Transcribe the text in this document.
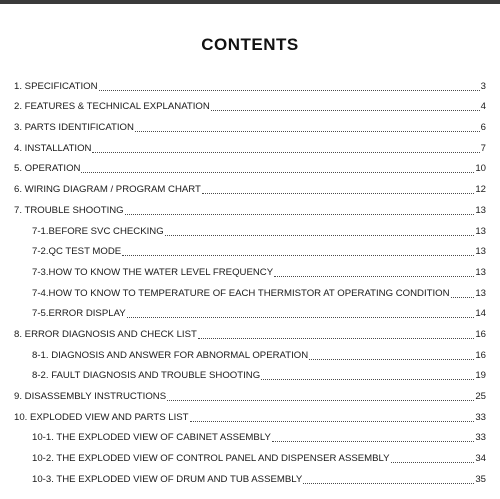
CONTENTS
1. SPECIFICATION	3
2. FEATURES & TECHNICAL EXPLANATION	4
3. PARTS IDENTIFICATION	6
4. INSTALLATION	7
5. OPERATION	10
6. WIRING DIAGRAM / PROGRAM CHART	12
7. TROUBLE SHOOTING	13
7-1.BEFORE SVC CHECKING	13
7-2.QC TEST MODE	13
7-3.HOW TO KNOW THE WATER LEVEL FREQUENCY	13
7-4.HOW TO KNOW TO TEMPERATURE OF EACH THERMISTOR AT OPERATING CONDITION	13
7-5.ERROR DISPLAY	14
8. ERROR DIAGNOSIS AND CHECK LIST	16
8-1. DIAGNOSIS AND ANSWER FOR ABNORMAL OPERATION	16
8-2. FAULT DIAGNOSIS AND TROUBLE SHOOTING	19
9. DISASSEMBLY INSTRUCTIONS	25
10. EXPLODED VIEW AND PARTS LIST	33
10-1. THE EXPLODED VIEW OF CABINET ASSEMBLY	33
10-2. THE EXPLODED VIEW OF CONTROL PANEL AND DISPENSER ASSEMBLY	34
10-3. THE EXPLODED VIEW OF DRUM AND TUB ASSEMBLY	35
